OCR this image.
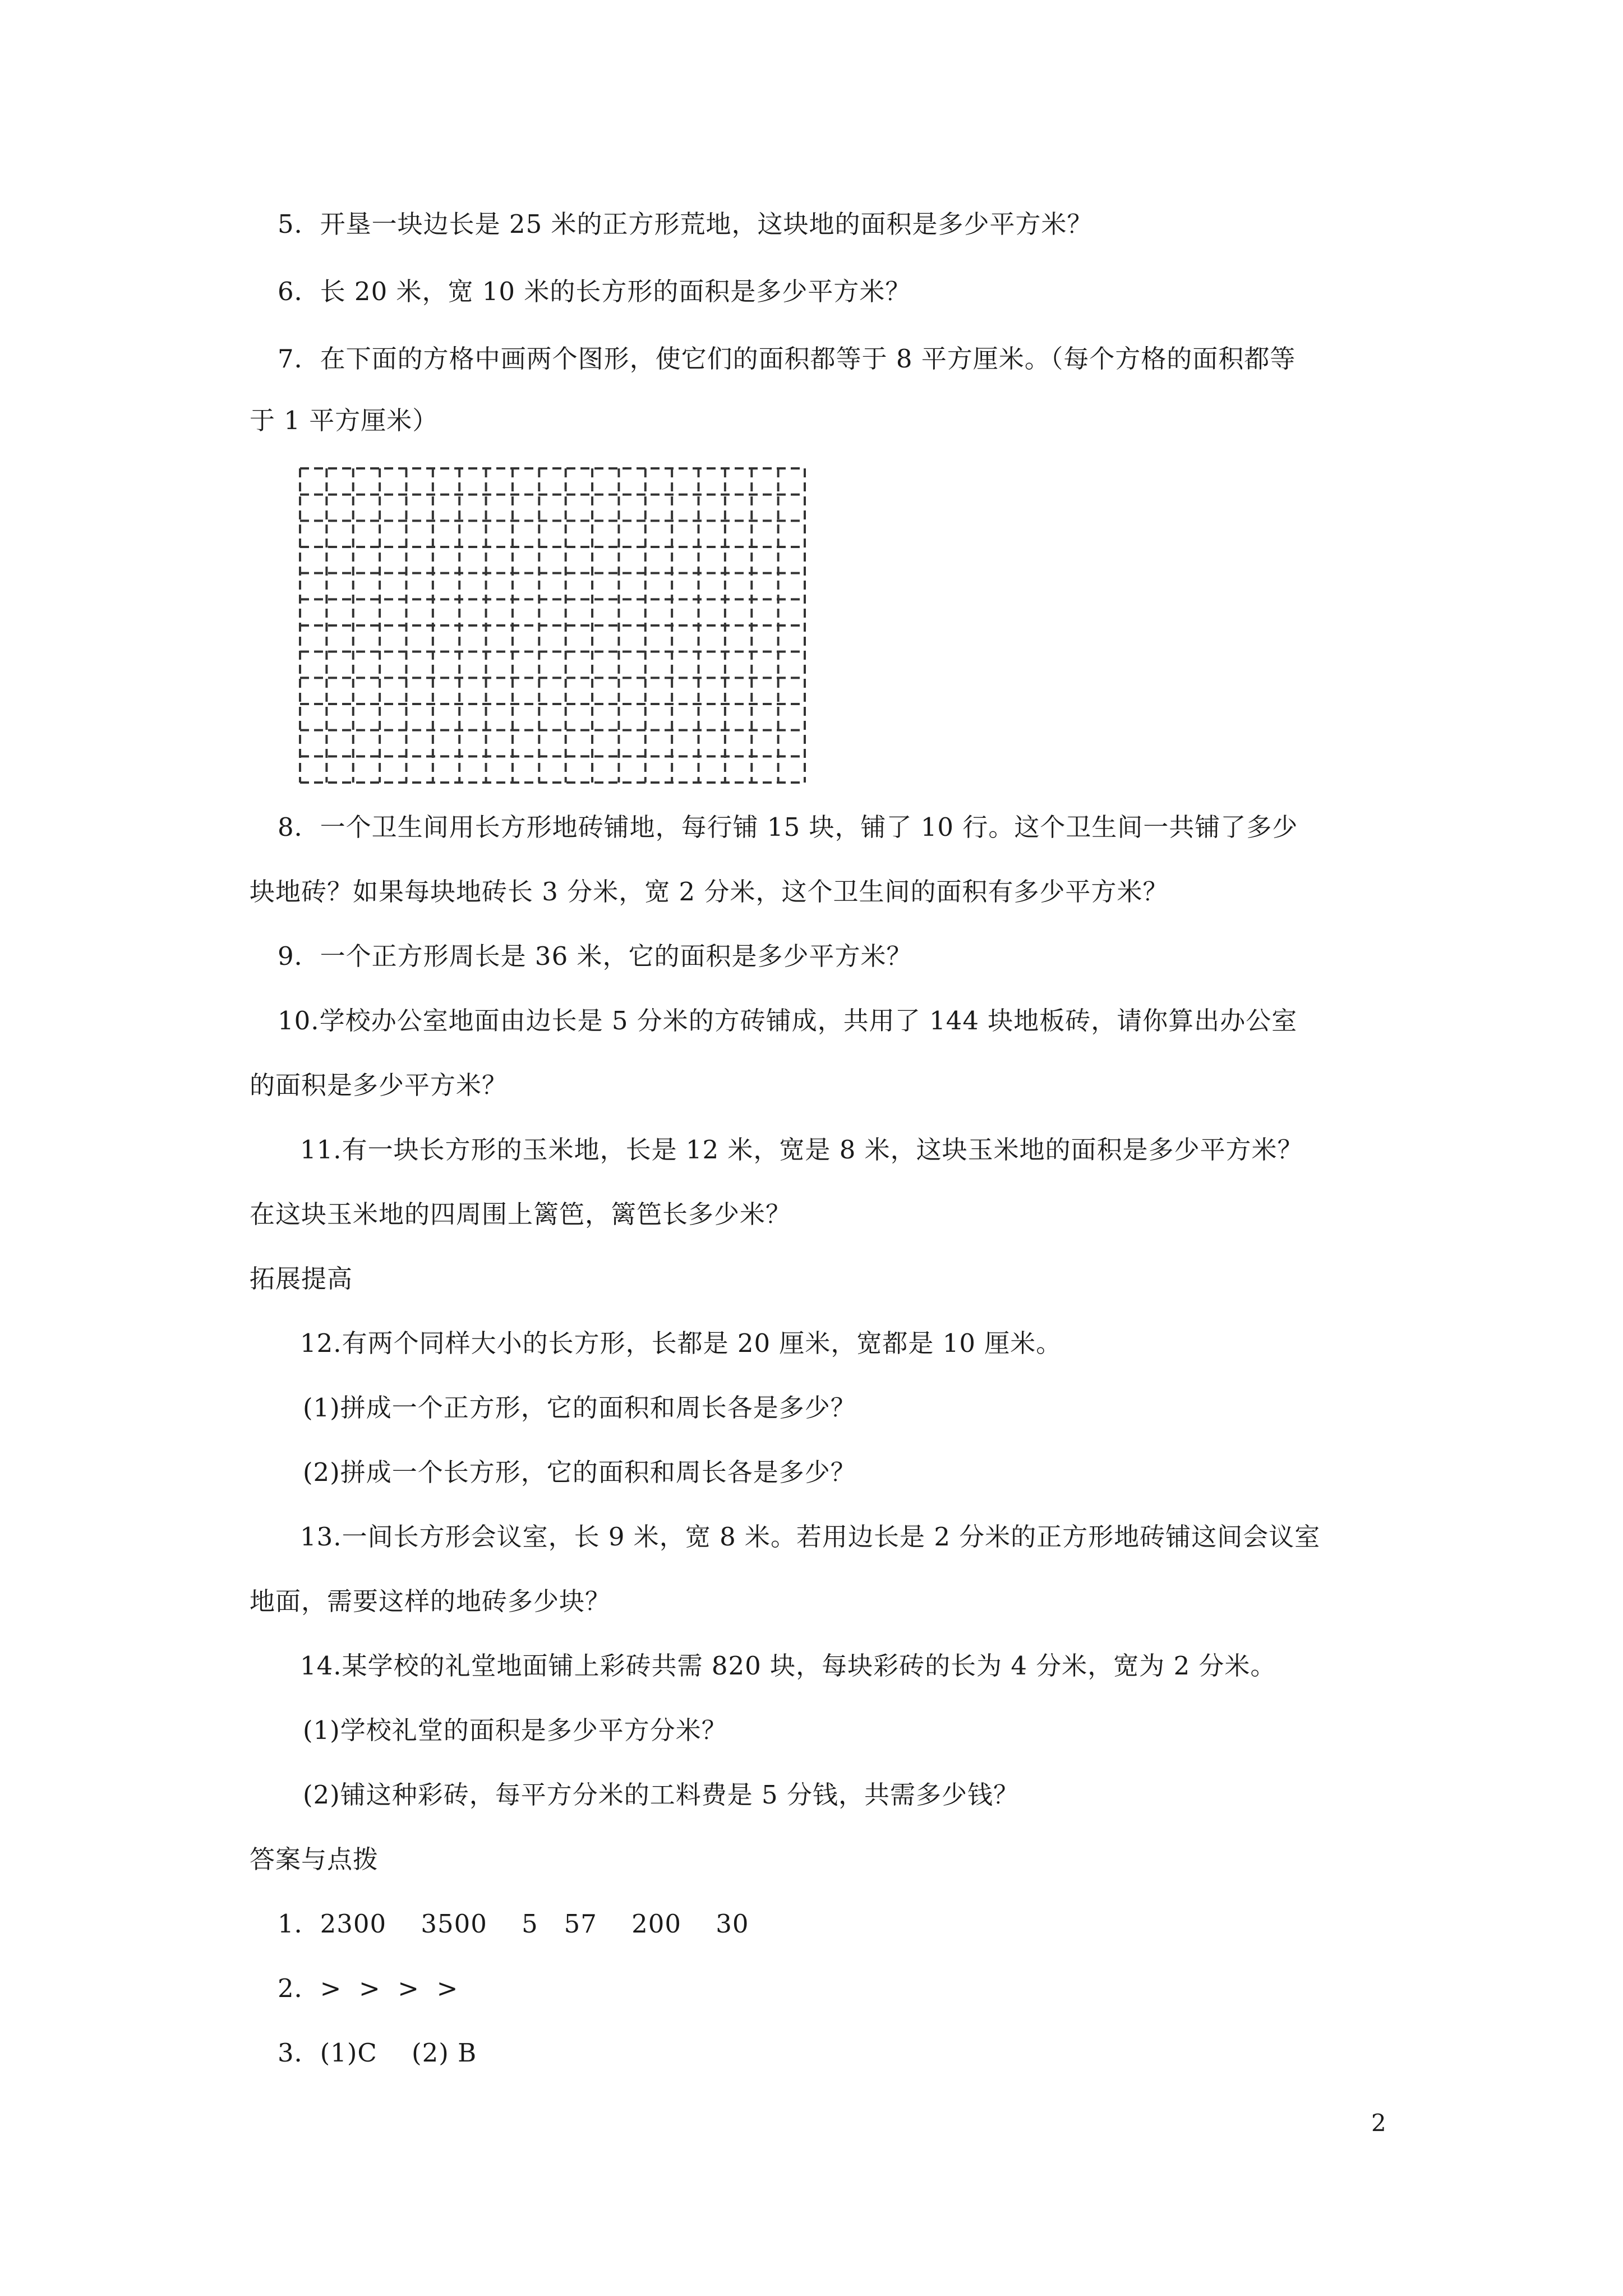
5．开垦一块边长是 25 米的正方形荒地，这块地的面积是多少平方米？
6．长 20 米，宽 10 米的长方形的面积是多少平方米？
7．在下面的方格中画两个图形，使它们的面积都等于 8 平方厘米。（每个方格的面积都等
于 1 平方厘米）
8．一个卫生间用长方形地砖铺地，每行铺 15 块，铺了 10 行。这个卫生间一共铺了多少
块地砖？如果每块地砖长 3 分米，宽 2 分米，这个卫生间的面积有多少平方米？
9．一个正方形周长是 36 米，它的面积是多少平方米？
10.学校办公室地面由边长是 5 分米的方砖铺成，共用了 144 块地板砖，请你算出办公室
的面积是多少平方米？
11.有一块长方形的玉米地，长是 12 米，宽是 8 米，这块玉米地的面积是多少平方米？
在这块玉米地的四周围上篱笆，篱笆长多少米？
拓展提高
12.有两个同样大小的长方形，长都是 20 厘米，宽都是 10 厘米。
(1)拼成一个正方形，它的面积和周长各是多少？
(2)拼成一个长方形，它的面积和周长各是多少？
13.一间长方形会议室，长 9 米，宽 8 米。若用边长是 2 分米的正方形地砖铺这间会议室
地面，需要这样的地砖多少块？
14.某学校的礼堂地面铺上彩砖共需 820 块，每块彩砖的长为 4 分米，宽为 2 分米。
(1)学校礼堂的面积是多少平方分米？
(2)铺这种彩砖，每平方分米的工料费是 5 分钱，共需多少钱？
答案与点拨
1．2300    3500    5   57    200    30
2．>  >  >  >
3．(1)C    (2) B
2
